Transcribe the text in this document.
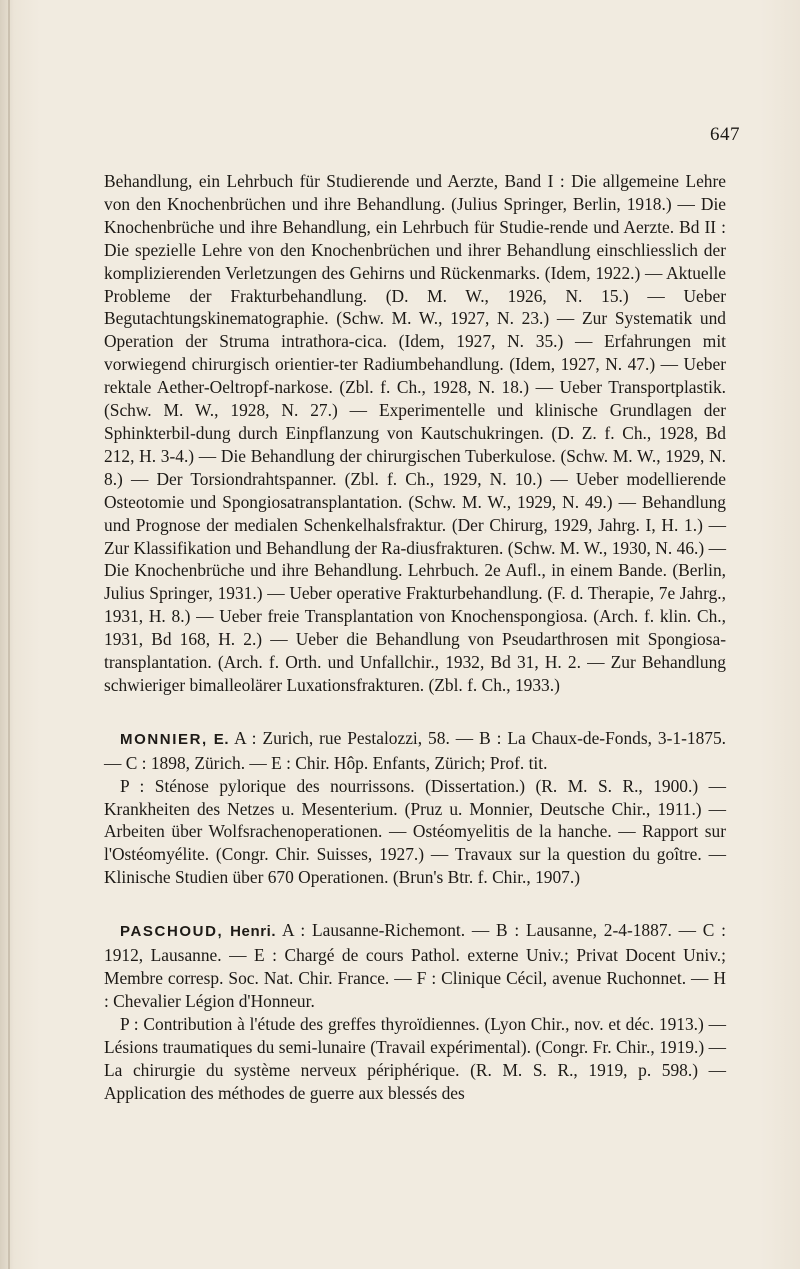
647

Behandlung, ein Lehrbuch für Studierende und Aerzte, Band I : Die allgemeine Lehre von den Knochenbrüchen und ihre Behandlung. (Julius Springer, Berlin, 1918.) — Die Knochenbrüche und ihre Behandlung, ein Lehrbuch für Studie-rende und Aerzte. Bd II : Die spezielle Lehre von den Knochenbrüchen und ihrer Behandlung einschliesslich der komplizierenden Verletzungen des Gehirns und Rückenmarks. (Idem, 1922.) — Aktuelle Probleme der Frakturbehandlung. (D. M. W., 1926, N. 15.) — Ueber Begutachtungskinematographie. (Schw. M. W., 1927, N. 23.) — Zur Systematik und Operation der Struma intrathora-cica. (Idem, 1927, N. 35.) — Erfahrungen mit vorwiegend chirurgisch orientier-ter Radiumbehandlung. (Idem, 1927, N. 47.) — Ueber rektale Aether-Oeltropf-narkose. (Zbl. f. Ch., 1928, N. 18.) — Ueber Transportplastik. (Schw. M. W., 1928, N. 27.) — Experimentelle und klinische Grundlagen der Sphinkterbil-dung durch Einpflanzung von Kautschukringen. (D. Z. f. Ch., 1928, Bd 212, H. 3-4.) — Die Behandlung der chirurgischen Tuberkulose. (Schw. M. W., 1929, N. 8.) — Der Torsiondrahtspanner. (Zbl. f. Ch., 1929, N. 10.) — Ueber modellierende Osteotomie und Spongiosatransplantation. (Schw. M. W., 1929, N. 49.) — Behandlung und Prognose der medialen Schenkelhalsfraktur. (Der Chirurg, 1929, Jahrg. I, H. 1.) — Zur Klassifikation und Behandlung der Ra-diusfrakturen. (Schw. M. W., 1930, N. 46.) — Die Knochenbrüche und ihre Behandlung. Lehrbuch. 2e Aufl., in einem Bande. (Berlin, Julius Springer, 1931.) — Ueber operative Frakturbehandlung. (F. d. Therapie, 7e Jahrg., 1931, H. 8.) — Ueber freie Transplantation von Knochenspongiosa. (Arch. f. klin. Ch., 1931, Bd 168, H. 2.) — Ueber die Behandlung von Pseudarthrosen mit Spongiosa-transplantation. (Arch. f. Orth. und Unfallchir., 1932, Bd 31, H. 2. — Zur Behandlung schwieriger bimalleolärer Luxationsfrakturen. (Zbl. f. Ch., 1933.)

MONNIER, E. A : Zurich, rue Pestalozzi, 58. — B : La Chaux-de-Fonds, 3-1-1875. — C : 1898, Zürich. — E : Chir. Hôp. Enfants, Zürich; Prof. tit.

P : Sténose pylorique des nourrissons. (Dissertation.) (R. M. S. R., 1900.) — Krankheiten des Netzes u. Mesenterium. (Pruz u. Monnier, Deutsche Chir., 1911.) — Arbeiten über Wolfsrachenoperationen. — Ostéomyelitis de la hanche. — Rapport sur l'Ostéomyélite. (Congr. Chir. Suisses, 1927.) — Travaux sur la question du goître. — Klinische Studien über 670 Operationen. (Brun's Btr. f. Chir., 1907.)

PASCHOUD, Henri. A : Lausanne-Richemont. — B : Lausanne, 2-4-1887. — C : 1912, Lausanne. — E : Chargé de cours Pathol. externe Univ.; Privat Docent Univ.; Membre corresp. Soc. Nat. Chir. France. — F : Clinique Cécil, avenue Ruchonnet. — H : Chevalier Légion d'Honneur.

P : Contribution à l'étude des greffes thyroïdiennes. (Lyon Chir., nov. et déc. 1913.) — Lésions traumatiques du semi-lunaire (Travail expérimental). (Congr. Fr. Chir., 1919.) — La chirurgie du système nerveux périphérique. (R. M. S. R., 1919, p. 598.) — Application des méthodes de guerre aux blessés des
